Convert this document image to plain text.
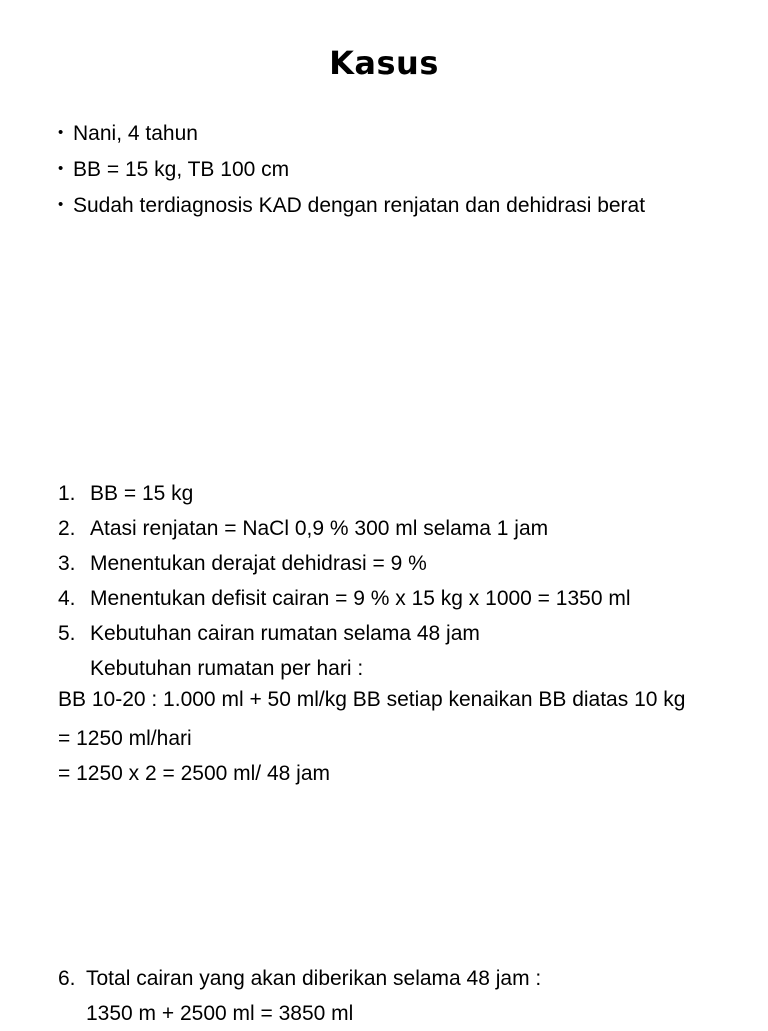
Kasus
• Nani, 4 tahun
• BB = 15 kg, TB 100 cm
• Sudah terdiagnosis KAD dengan renjatan dan dehidrasi berat
1. BB = 15 kg
2. Atasi renjatan = NaCl 0,9 % 300 ml selama 1 jam
3. Menentukan derajat dehidrasi = 9 %
4. Menentukan defisit cairan = 9 % x 15 kg x 1000 = 1350 ml
5. Kebutuhan cairan rumatan selama 48 jam
Kebutuhan rumatan per hari :
BB 10-20 : 1.000 ml + 50 ml/kg BB setiap kenaikan BB diatas 10 kg
= 1250 ml/hari
= 1250 x 2 = 2500 ml/ 48 jam
6. Total cairan yang akan diberikan selama 48 jam :
1350 m + 2500 ml = 3850 ml
